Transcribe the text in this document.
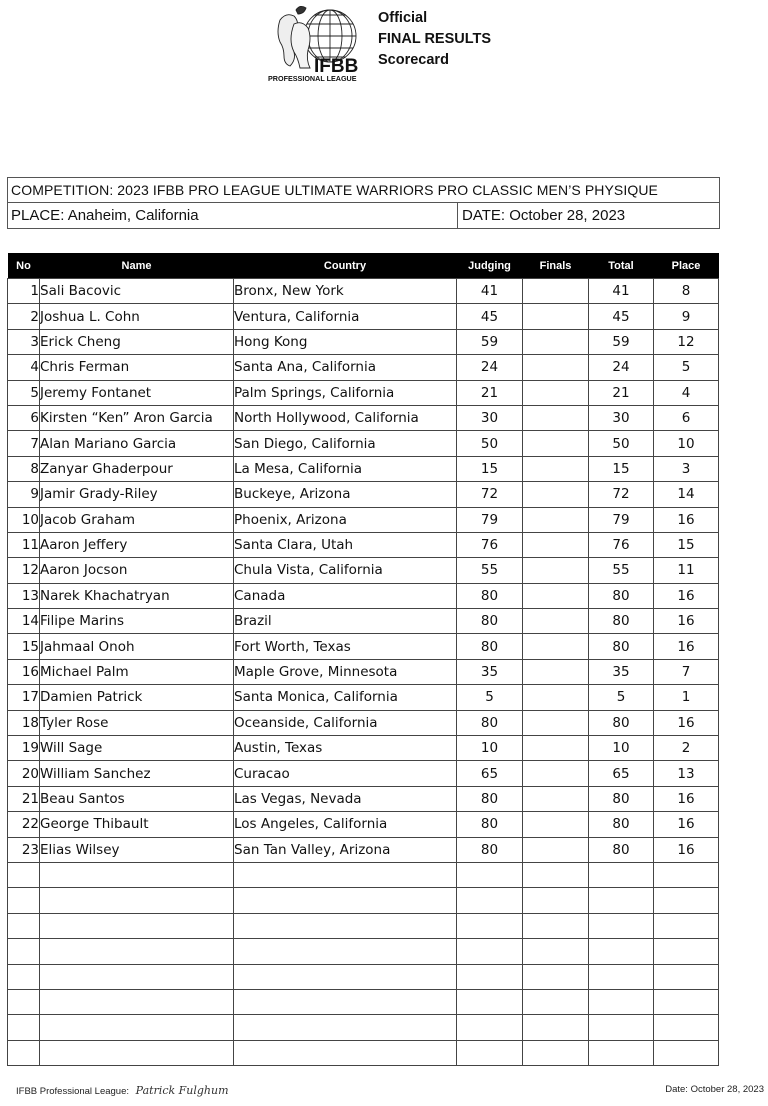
IFBB
PROFESSIONAL LEAGUE
Official
FINAL RESULTS
Scorecard
COMPETITION: 2023 IFBB PRO LEAGUE ULTIMATE WARRIORS PRO CLASSIC MEN’S PHYSIQUE
PLACE: Anaheim, California	DATE: October 28, 2023
No	Name	Country	Judging	Finals	Total	Place
1	Sali Bacovic	Bronx, New York	41		41	8
2	Joshua L. Cohn	Ventura, California	45		45	9
3	Erick Cheng	Hong Kong	59		59	12
4	Chris Ferman	Santa Ana, California	24		24	5
5	Jeremy Fontanet	Palm Springs, California	21		21	4
6	Kirsten “Ken” Aron Garcia	North Hollywood, California	30		30	6
7	Alan Mariano Garcia	San Diego, California	50		50	10
8	Zanyar Ghaderpour	La Mesa, California	15		15	3
9	Jamir Grady-Riley	Buckeye, Arizona	72		72	14
10	Jacob Graham	Phoenix, Arizona	79		79	16
11	Aaron Jeffery	Santa Clara, Utah	76		76	15
12	Aaron Jocson	Chula Vista, California	55		55	11
13	Narek Khachatryan	Canada	80		80	16
14	Filipe Marins	Brazil	80		80	16
15	Jahmaal Onoh	Fort Worth, Texas	80		80	16
16	Michael Palm	Maple Grove, Minnesota	35		35	7
17	Damien Patrick	Santa Monica, California	5		5	1
18	Tyler Rose	Oceanside, California	80		80	16
19	Will Sage	Austin, Texas	10		10	2
20	William Sanchez	Curacao	65		65	13
21	Beau Santos	Las Vegas, Nevada	80		80	16
22	George Thibault	Los Angeles, California	80		80	16
23	Elias Wilsey	San Tan Valley, Arizona	80		80	16

IFBB Professional League: Patrick Fulghum	Date: October 28, 2023
